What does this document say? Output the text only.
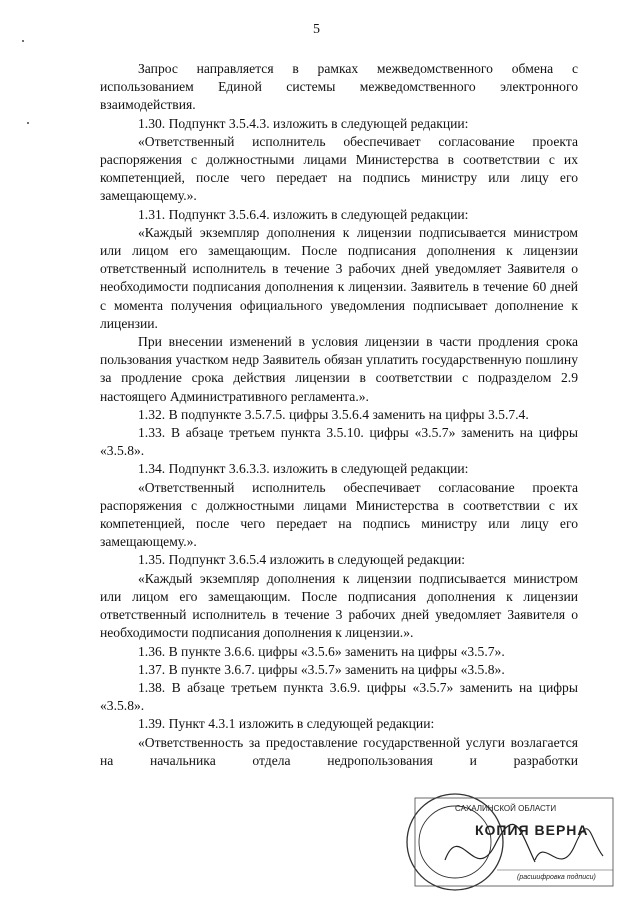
5

Запрос направляется в рамках межведомственного обмена с использованием Единой системы межведомственного электронного взаимодействия.

1.30. Подпункт 3.5.4.3. изложить в следующей редакции:

«Ответственный исполнитель обеспечивает согласование проекта распоряжения с должностными лицами Министерства в соответствии с их компетенцией, после чего передает на подпись министру или лицу его замещающему.».

1.31. Подпункт 3.5.6.4. изложить в следующей редакции:

«Каждый экземпляр дополнения к лицензии подписывается министром или лицом его замещающим. После подписания дополнения к лицензии ответственный исполнитель в течение 3 рабочих дней уведомляет Заявителя о необходимости подписания дополнения к лицензии. Заявитель в течение 60 дней с момента получения официального уведомления подписывает дополнение к лицензии.

При внесении изменений в условия лицензии в части продления срока пользования участком недр Заявитель обязан уплатить государственную пошлину за продление срока действия лицензии в соответствии с подразделом 2.9 настоящего Административного регламента.».

1.32. В подпункте 3.5.7.5. цифры 3.5.6.4 заменить на цифры 3.5.7.4.

1.33. В абзаце третьем пункта 3.5.10. цифры «3.5.7» заменить на цифры «3.5.8».

1.34. Подпункт 3.6.3.3. изложить в следующей редакции:

«Ответственный исполнитель обеспечивает согласование проекта распоряжения с должностными лицами Министерства в соответствии с их компетенцией, после чего передает на подпись министру или лицу его замещающему.».

1.35. Подпункт 3.6.5.4 изложить в следующей редакции:

«Каждый экземпляр дополнения к лицензии подписывается министром или лицом его замещающим. После подписания дополнения к лицензии ответственный исполнитель в течение 3 рабочих дней уведомляет Заявителя о необходимости подписания дополнения к лицензии.».

1.36. В пункте 3.6.6. цифры «3.5.6» заменить на цифры «3.5.7».

1.37. В пункте 3.6.7. цифры «3.5.7» заменить на цифры «3.5.8».

1.38. В абзаце третьем пункта 3.6.9. цифры «3.5.7» заменить на цифры «3.5.8».

1.39. Пункт 4.3.1 изложить в следующей редакции:

«Ответственность за предоставление государственной услуги возлагается на начальника отдела недропользования и разработки

САХАЛИНСКОЙ ОБЛАСТИ
КОПИЯ ВЕРНА
(расшифровка подписи)
